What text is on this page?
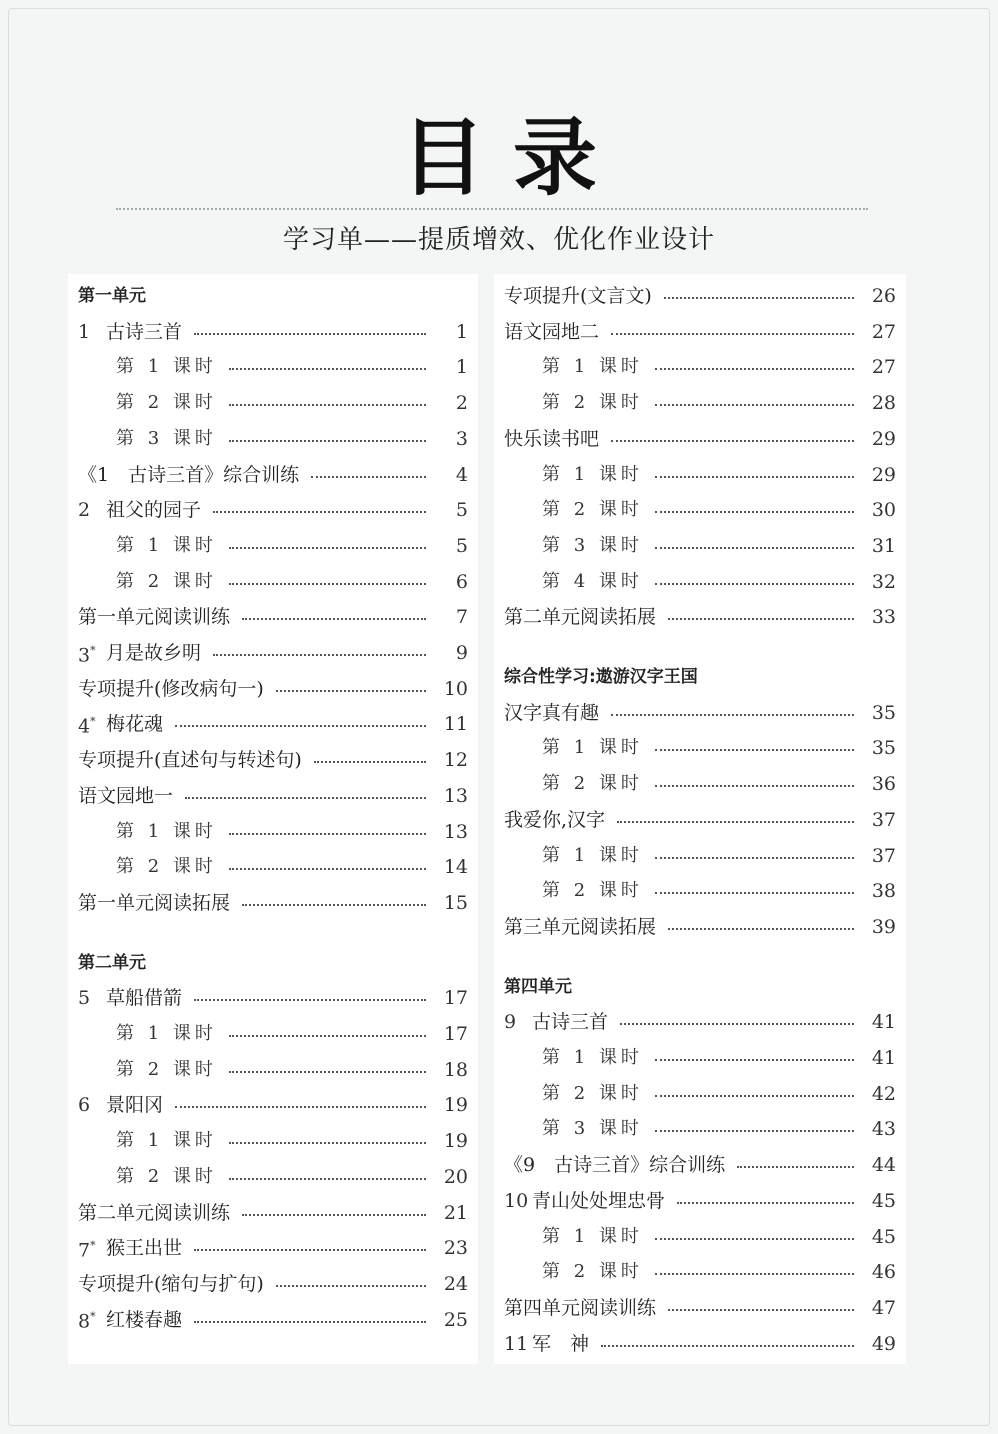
目录
学习单——提质增效、优化作业设计
第一单元
1 古诗三首	1
第 1 课时	1
第 2 课时	2
第 3 课时	3
《1　古诗三首》综合训练	4
2 祖父的园子	5
第 1 课时	5
第 2 课时	6
第一单元阅读训练	7
3* 月是故乡明	9
专项提升(修改病句一)	10
4* 梅花魂	11
专项提升(直述句与转述句)	12
语文园地一	13
第 1 课时	13
第 2 课时	14
第一单元阅读拓展	15
第二单元
5 草船借箭	17
第 1 课时	17
第 2 课时	18
6 景阳冈	19
第 1 课时	19
第 2 课时	20
第二单元阅读训练	21
7* 猴王出世	23
专项提升(缩句与扩句)	24
8* 红楼春趣	25
专项提升(文言文)	26
语文园地二	27
第 1 课时	27
第 2 课时	28
快乐读书吧	29
第 1 课时	29
第 2 课时	30
第 3 课时	31
第 4 课时	32
第二单元阅读拓展	33
综合性学习:遨游汉字王国
汉字真有趣	35
第 1 课时	35
第 2 课时	36
我爱你,汉字	37
第 1 课时	37
第 2 课时	38
第三单元阅读拓展	39
第四单元
9 古诗三首	41
第 1 课时	41
第 2 课时	42
第 3 课时	43
《9　古诗三首》综合训练	44
10 青山处处埋忠骨	45
第 1 课时	45
第 2 课时	46
第四单元阅读训练	47
11 军　神	49
